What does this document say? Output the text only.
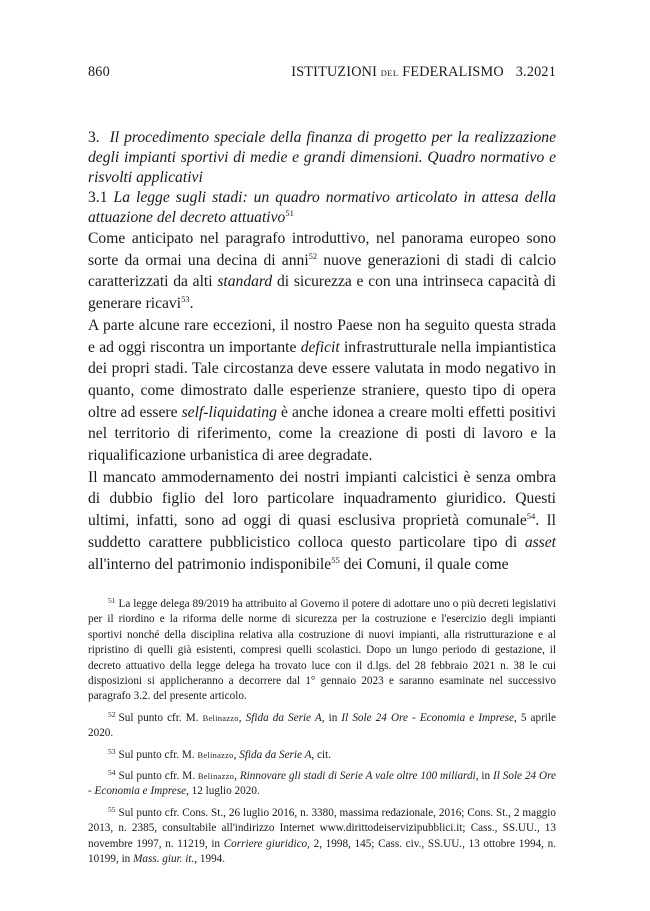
860	ISTITUZIONI DEL FEDERALISMO 3.2021
3. Il procedimento speciale della finanza di progetto per la realizzazione degli impianti sportivi di medie e grandi dimensioni. Quadro normativo e risvolti applicativi
3.1 La legge sugli stadi: un quadro normativo articolato in attesa della attuazione del decreto attuativo$^{51}$

Come anticipato nel paragrafo introduttivo, nel panorama europeo sono sorte da ormai una decina di anni$^{52}$ nuove generazioni di stadi di calcio caratterizzati da alti standard di sicurezza e con una intrinseca capacità di generare ricavi$^{53}$.

A parte alcune rare eccezioni, il nostro Paese non ha seguito questa strada e ad oggi riscontra un importante deficit infrastrutturale nella impiantistica dei propri stadi. Tale circostanza deve essere valutata in modo negativo in quanto, come dimostrato dalle esperienze straniere, questo tipo di opera oltre ad essere self-liquidating è anche idonea a creare molti effetti positivi nel territorio di riferimento, come la creazione di posti di lavoro e la riqualificazione urbanistica di aree degradate.

Il mancato ammodernamento dei nostri impianti calcistici è senza ombra di dubbio figlio del loro particolare inquadramento giuridico. Questi ultimi, infatti, sono ad oggi di quasi esclusiva proprietà comunale$^{54}$. Il suddetto carattere pubblicistico colloca questo particolare tipo di asset all'interno del patrimonio indisponibile$^{55}$ dei Comuni, il quale come

$^{51}$ La legge delega 89/2019 ha attribuito al Governo il potere di adottare uno o più decreti legislativi per il riordino e la riforma delle norme di sicurezza per la costruzione e l'esercizio degli impianti sportivi nonché della disciplina relativa alla costruzione di nuovi impianti, alla ristrutturazione e al ripristino di quelli già esistenti, compresi quelli scolastici. Dopo un lungo periodo di gestazione, il decreto attuativo della legge delega ha trovato luce con il d.lgs. del 28 febbraio 2021 n. 38 le cui disposizioni si applicheranno a decorrere dal 1° gennaio 2023 e saranno esaminate nel successivo paragrafo 3.2. del presente articolo.

$^{52}$ Sul punto cfr. M. Belinazzo, Sfida da Serie A, in Il Sole 24 Ore - Economia e Imprese, 5 aprile 2020.

$^{53}$ Sul punto cfr. M. Belinazzo, Sfida da Serie A, cit.

$^{54}$ Sul punto cfr. M. Belinazzo, Rinnovare gli stadi di Serie A vale oltre 100 miliardi, in Il Sole 24 Ore - Economia e Imprese, 12 luglio 2020.

$^{55}$ Sul punto cfr. Cons. St., 26 luglio 2016, n. 3380, massima redazionale, 2016; Cons. St., 2 maggio 2013, n. 2385, consultabile all'indirizzo Internet www.dirittodeiservizipubblici.it; Cass., SS.UU., 13 novembre 1997, n. 11219, in Corriere giuridico, 2, 1998, 145; Cass. civ., SS.UU., 13 ottobre 1994, n. 10199, in Mass. giur. it., 1994.
